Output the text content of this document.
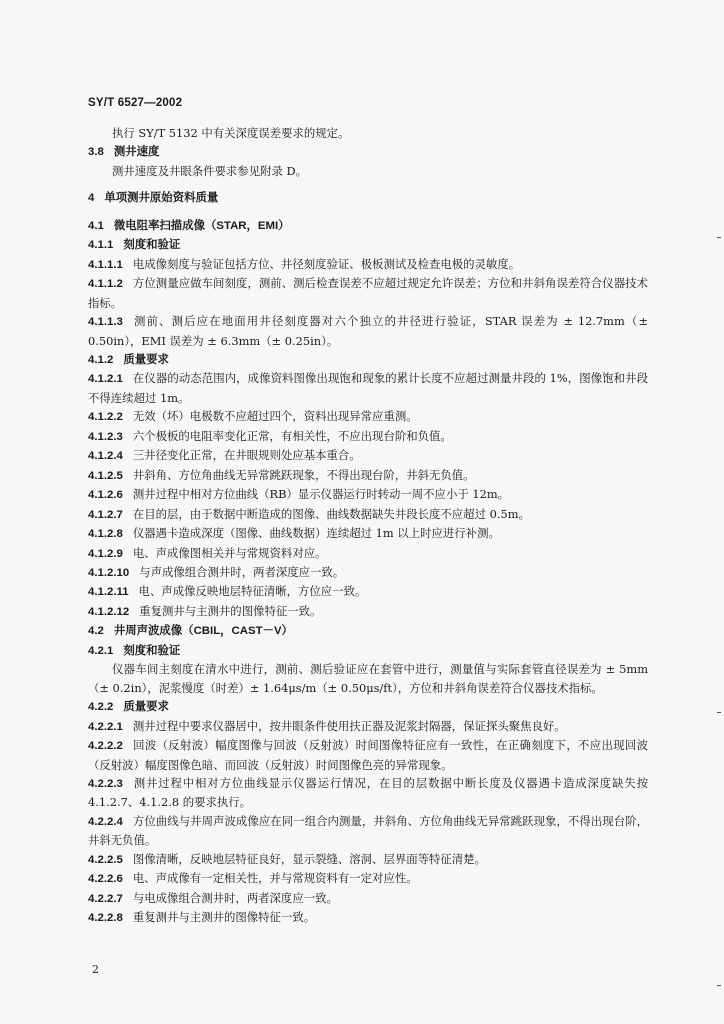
SY/T 6527—2002

执行 SY/T 5132 中有关深度误差要求的规定。

3.8 测井速度

测井速度及井眼条件要求参见附录 D。

4 单项测井原始资料质量

4.1 微电阻率扫描成像（STAR，EMI）

4.1.1 刻度和验证

4.1.1.1 电成像刻度与验证包括方位、井径刻度验证、极板测试及检查电极的灵敏度。

4.1.1.2 方位测量应做车间刻度，测前、测后检查误差不应超过规定允许误差；方位和井斜角误差符合仪器技术指标。

4.1.1.3 测前、测后应在地面用井径刻度器对六个独立的井径进行验证，STAR 误差为 ± 12.7mm（± 0.50in），EMI 误差为 ± 6.3mm（± 0.25in）。

4.1.2 质量要求

4.1.2.1 在仪器的动态范围内，成像资料图像出现饱和现象的累计长度不应超过测量井段的 1%，图像饱和井段不得连续超过 1m。

4.1.2.2 无效（坏）电极数不应超过四个，资料出现异常应重测。

4.1.2.3 六个极板的电阻率变化正常，有相关性，不应出现台阶和负值。

4.1.2.4 三井径变化正常，在井眼规则处应基本重合。

4.1.2.5 井斜角、方位角曲线无异常跳跃现象，不得出现台阶，井斜无负值。

4.1.2.6 测井过程中相对方位曲线（RB）显示仪器运行时转动一周不应小于 12m。

4.1.2.7 在目的层，由于数据中断造成的图像、曲线数据缺失井段长度不应超过 0.5m。

4.1.2.8 仪器遇卡造成深度（图像、曲线数据）连续超过 1m 以上时应进行补测。

4.1.2.9 电、声成像图相关并与常规资料对应。

4.1.2.10 与声成像组合测井时，两者深度应一致。

4.1.2.11 电、声成像反映地层特征清晰，方位应一致。

4.1.2.12 重复测井与主测井的图像特征一致。

4.2 井周声波成像（CBIL，CAST－V）

4.2.1 刻度和验证

仪器车间主刻度在清水中进行，测前、测后验证应在套管中进行，测量值与实际套管直径误差为 ± 5mm（± 0.2in），泥浆慢度（时差）± 1.64μs/m（± 0.50μs/ft），方位和井斜角误差符合仪器技术指标。

4.2.2 质量要求

4.2.2.1 测井过程中要求仪器居中，按井眼条件使用扶正器及泥浆封隔器，保证探头聚焦良好。

4.2.2.2 回波（反射波）幅度图像与回波（反射波）时间图像特征应有一致性，在正确刻度下，不应出现回波（反射波）幅度图像色暗、而回波（反射波）时间图像色亮的异常现象。

4.2.2.3 测井过程中相对方位曲线显示仪器运行情况，在目的层数据中断长度及仪器遇卡造成深度缺失按 4.1.2.7、4.1.2.8 的要求执行。

4.2.2.4 方位曲线与井周声波成像应在同一组合内测量，井斜角、方位角曲线无异常跳跃现象，不得出现台阶，井斜无负值。

4.2.2.5 图像清晰，反映地层特征良好，显示裂缝、溶洞、层界面等特征清楚。

4.2.2.6 电、声成像有一定相关性，并与常规资料有一定对应性。

4.2.2.7 与电成像组合测井时，两者深度应一致。

4.2.2.8 重复测井与主测井的图像特征一致。

2
